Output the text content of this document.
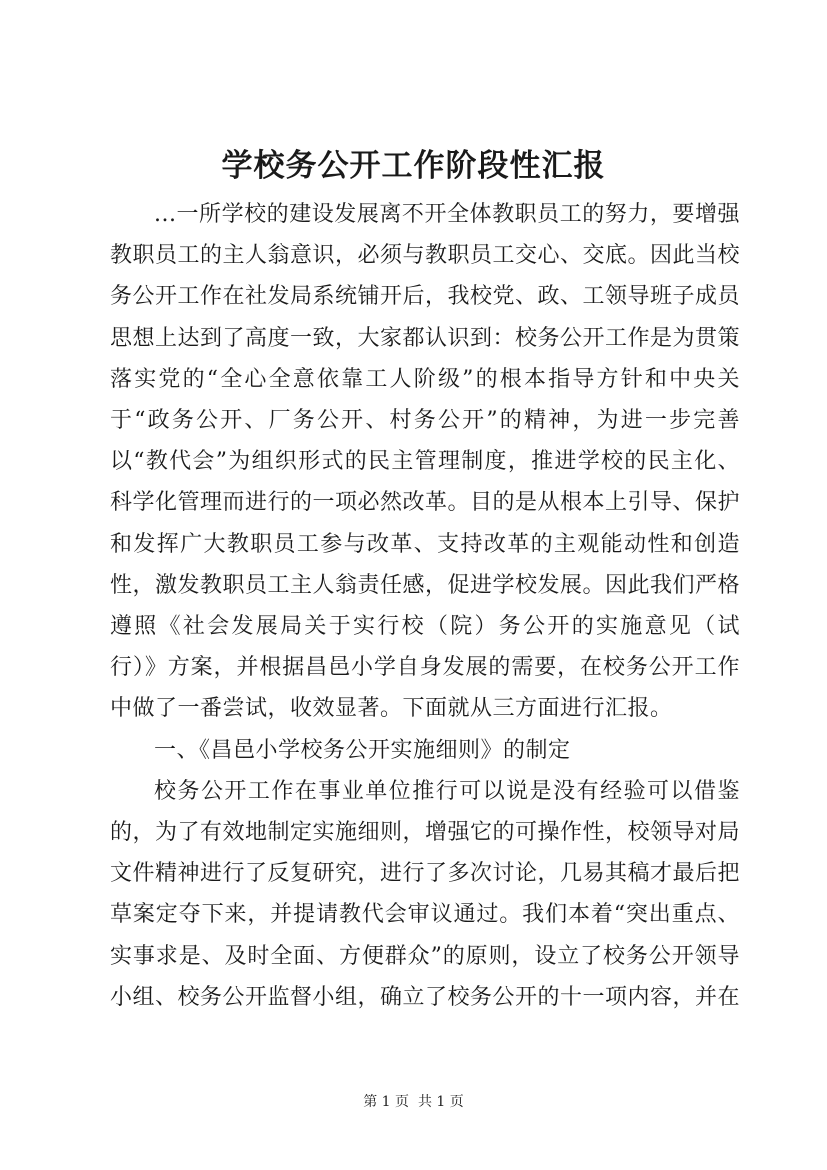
学校务公开工作阶段性汇报

...一所学校的建设发展离不开全体教职员工的努力，要增强教职员工的主人翁意识，必须与教职员工交心、交底。因此当校务公开工作在社发局系统铺开后，我校党、政、工领导班子成员思想上达到了高度一致，大家都认识到：校务公开工作是为贯策落实党的“全心全意依靠工人阶级”的根本指导方针和中央关于“政务公开、厂务公开、村务公开”的精神，为进一步完善以“教代会”为组织形式的民主管理制度，推进学校的民主化、科学化管理而进行的一项必然改革。目的是从根本上引导、保护和发挥广大教职员工参与改革、支持改革的主观能动性和创造性，激发教职员工主人翁责任感，促进学校发展。因此我们严格遵照《社会发展局关于实行校（院）务公开的实施意见（试行）》方案，并根据昌邑小学自身发展的需要，在校务公开工作中做了一番尝试，收效显著。下面就从三方面进行汇报。

一、《昌邑小学校务公开实施细则》的制定

校务公开工作在事业单位推行可以说是没有经验可以借鉴的，为了有效地制定实施细则，增强它的可操作性，校领导对局文件精神进行了反复研究，进行了多次讨论，几易其稿才最后把草案定夺下来，并提请教代会审议通过。我们本着“突出重点、实事求是、及时全面、方便群众”的原则，设立了校务公开领导小组、校务公开监督小组，确立了校务公开的十一项内容，并在

第 1 页  共 1 页
